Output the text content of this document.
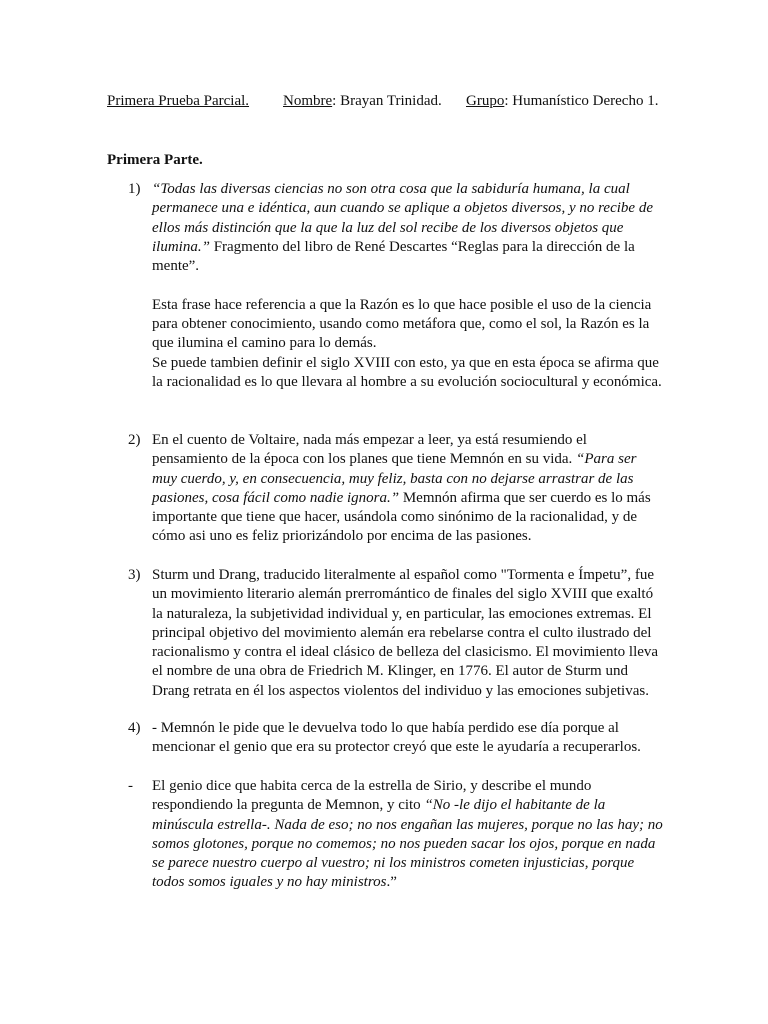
Primera Prueba Parcial. Nombre: Brayan Trinidad. Grupo: Humanístico Derecho 1.
Primera Parte.
1) “Todas las diversas ciencias no son otra cosa que la sabiduría humana, la cual permanece una e idéntica, aun cuando se aplique a objetos diversos, y no recibe de ellos más distinción que la que la luz del sol recibe de los diversos objetos que ilumina.” Fragmento del libro de René Descartes “Reglas para la dirección de la mente”.

Esta frase hace referencia a que la Razón es lo que hace posible el uso de la ciencia para obtener conocimiento, usando como metáfora que, como el sol, la Razón es la que ilumina el camino para lo demás.

Se puede tambien definir el siglo XVIII con esto, ya que en esta época se afirma que la racionalidad es lo que llevara al hombre a su evolución sociocultural y económica.

2) En el cuento de Voltaire, nada más empezar a leer, ya está resumiendo el pensamiento de la época con los planes que tiene Memnón en su vida. “Para ser muy cuerdo, y, en consecuencia, muy feliz, basta con no dejarse arrastrar de las pasiones, cosa fácil como nadie ignora.” Memnón afirma que ser cuerdo es lo más importante que tiene que hacer, usándola como sinónimo de la racionalidad, y de cómo asi uno es feliz priorizándolo por encima de las pasiones.

3) Sturm und Drang, traducido literalmente al español como "Tormenta e Ímpetu”, fue un movimiento literario alemán prerromántico de finales del siglo XVIII que exaltó la naturaleza, la subjetividad individual y, en particular, las emociones extremas. El principal objetivo del movimiento alemán era rebelarse contra el culto ilustrado del racionalismo y contra el ideal clásico de belleza del clasicismo. El movimiento lleva el nombre de una obra de Friedrich M. Klinger, en 1776. El autor de Sturm und Drang retrata en él los aspectos violentos del individuo y las emociones subjetivas.

4) - Memnón le pide que le devuelva todo lo que había perdido ese día porque al mencionar el genio que era su protector creyó que este le ayudaría a recuperarlos.

- El genio dice que habita cerca de la estrella de Sirio, y describe el mundo respondiendo la pregunta de Memnon, y cito “No -le dijo el habitante de la minúscula estrella-. Nada de eso; no nos engañan las mujeres, porque no las hay; no somos glotones, porque no comemos; no nos pueden sacar los ojos, porque en nada se parece nuestro cuerpo al vuestro; ni los ministros cometen injusticias, porque todos somos iguales y no hay ministros.”
